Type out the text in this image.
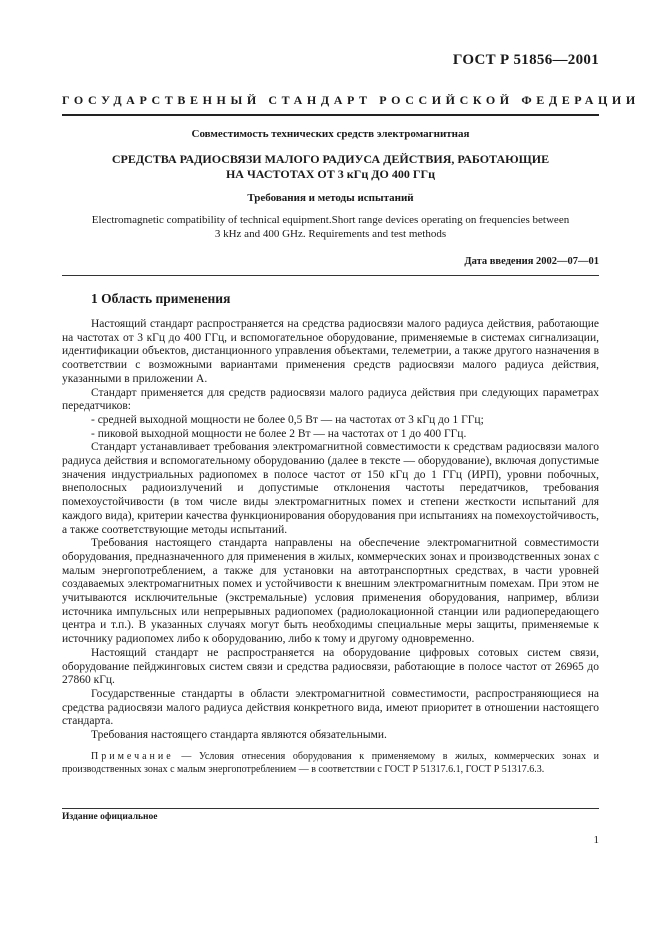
ГОСТ Р 51856—2001
ГОСУДАРСТВЕННЫЙ СТАНДАРТ РОССИЙСКОЙ ФЕДЕРАЦИИ
Совместимость технических средств электромагнитная
СРЕДСТВА РАДИОСВЯЗИ МАЛОГО РАДИУСА ДЕЙСТВИЯ, РАБОТАЮЩИЕ
НА ЧАСТОТАХ ОТ 3 кГц ДО 400 ГГц
Требования и методы испытаний
Electromagnetic compatibility of technical equipment.Short range devices operating on frequencies between
3 kHz and 400 GHz. Requirements and test methods
Дата введения 2002—07—01
1 Область применения

Настоящий стандарт распространяется на средства радиосвязи малого радиуса действия, работающие на частотах от 3 кГц до 400 ГГц, и вспомогательное оборудование, применяемые в системах сигнализации, идентификации объектов, дистанционного управления объектами, телеметрии, а также другого назначения в соответствии с возможными вариантами применения средств радиосвязи малого радиуса действия, указанными в приложении А.

Стандарт применяется для средств радиосвязи малого радиуса действия при следующих параметрах передатчиков:

- средней выходной мощности не более 0,5 Вт — на частотах от 3 кГц до 1 ГГц;

- пиковой выходной мощности не более 2 Вт — на частотах от 1 до 400 ГГц.

Стандарт устанавливает требования электромагнитной совместимости к средствам радиосвязи малого радиуса действия и вспомогательному оборудованию (далее в тексте — оборудование), включая допустимые значения индустриальных радиопомех в полосе частот от 150 кГц до 1 ГГц (ИРП), уровни побочных, внеполосных радиоизлучений и допустимые отклонения частоты передатчиков, требования помехоустойчивости (в том числе виды электромагнитных помех и степени жесткости испытаний для каждого вида), критерии качества функционирования оборудования при испытаниях на помехоустойчивость, а также соответствующие методы испытаний.

Требования настоящего стандарта направлены на обеспечение электромагнитной совместимости оборудования, предназначенного для применения в жилых, коммерческих зонах и производственных зонах с малым энергопотреблением, а также для установки на автотранспортных средствах, в части уровней создаваемых электромагнитных помех и устойчивости к внешним электромагнитным помехам. При этом не учитываются исключительные (экстремальные) условия применения оборудования, например, вблизи источника импульсных или непрерывных радиопомех (радиолокационной станции или радиопередающего центра и т.п.). В указанных случаях могут быть необходимы специальные меры защиты, применяемые к источнику радиопомех либо к оборудованию, либо к тому и другому одновременно.

Настоящий стандарт не распространяется на оборудование цифровых сотовых систем связи, оборудование пейджинговых систем связи и средства радиосвязи, работающие в полосе частот от 26965 до 27860 кГц.

Государственные стандарты в области электромагнитной совместимости, распространяющиеся на средства радиосвязи малого радиуса действия конкретного вида, имеют приоритет в отношении настоящего стандарта.

Требования настоящего стандарта являются обязательными.

Примечание — Условия отнесения оборудования к применяемому в жилых, коммерческих зонах и производственных зонах с малым энергопотреблением — в соответствии с ГОСТ Р 51317.6.1, ГОСТ Р 51317.6.3.
Издание официальное
1
